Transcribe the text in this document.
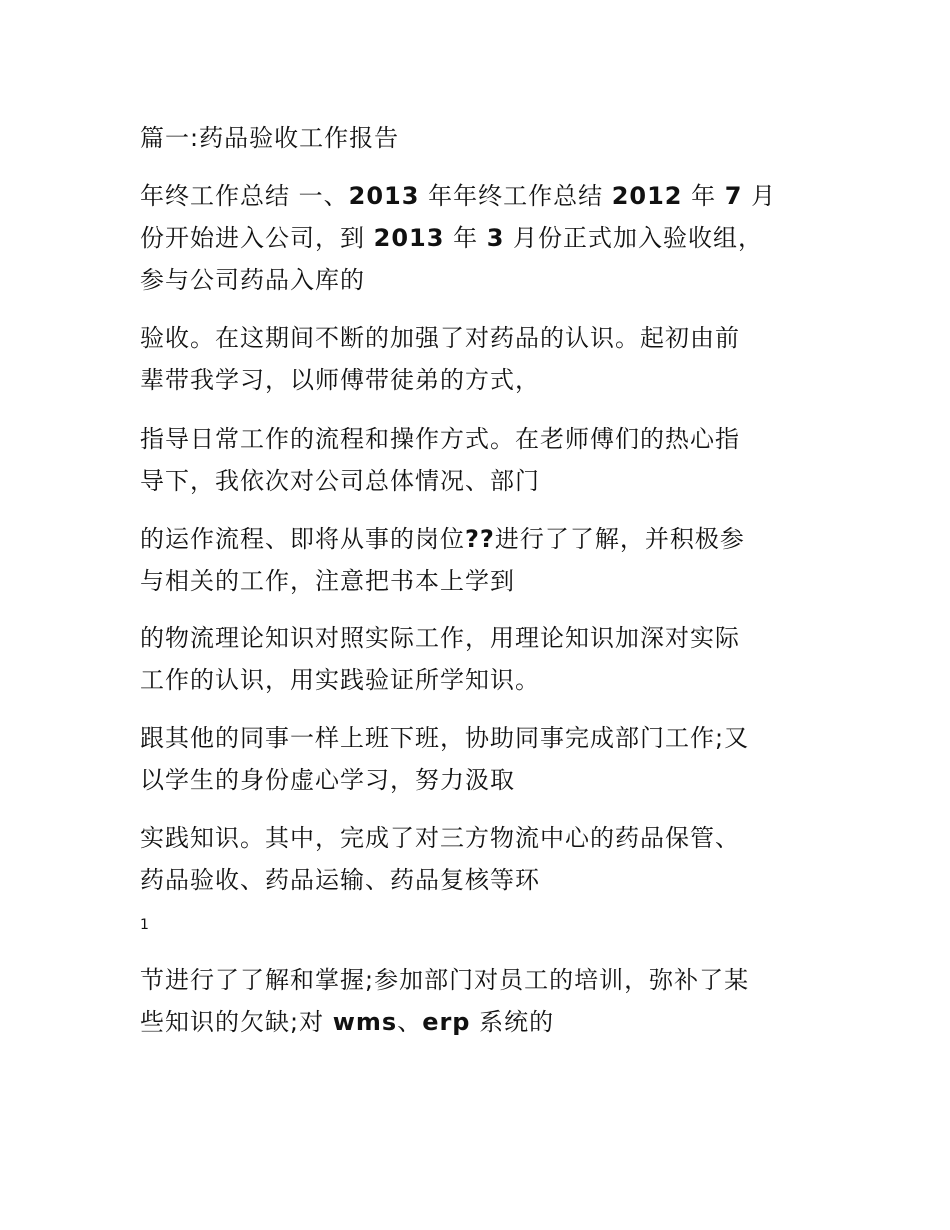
篇一:药品验收工作报告

年终工作总结 一、2013 年年终工作总结 2012 年 7 月
份开始进入公司，到 2013 年 3 月份正式加入验收组，
参与公司药品入库的

验收。在这期间不断的加强了对药品的认识。起初由前
辈带我学习，以师傅带徒弟的方式，

指导日常工作的流程和操作方式。在老师傅们的热心指
导下，我依次对公司总体情况、部门

的运作流程、即将从事的岗位??进行了了解，并积极参
与相关的工作，注意把书本上学到

的物流理论知识对照实际工作，用理论知识加深对实际
工作的认识，用实践验证所学知识。

跟其他的同事一样上班下班，协助同事完成部门工作;又
以学生的身份虚心学习，努力汲取

实践知识。其中，完成了对三方物流中心的药品保管、
药品验收、药品运输、药品复核等环

1

节进行了了解和掌握;参加部门对员工的培训，弥补了某
些知识的欠缺;对 wms、erp 系统的
